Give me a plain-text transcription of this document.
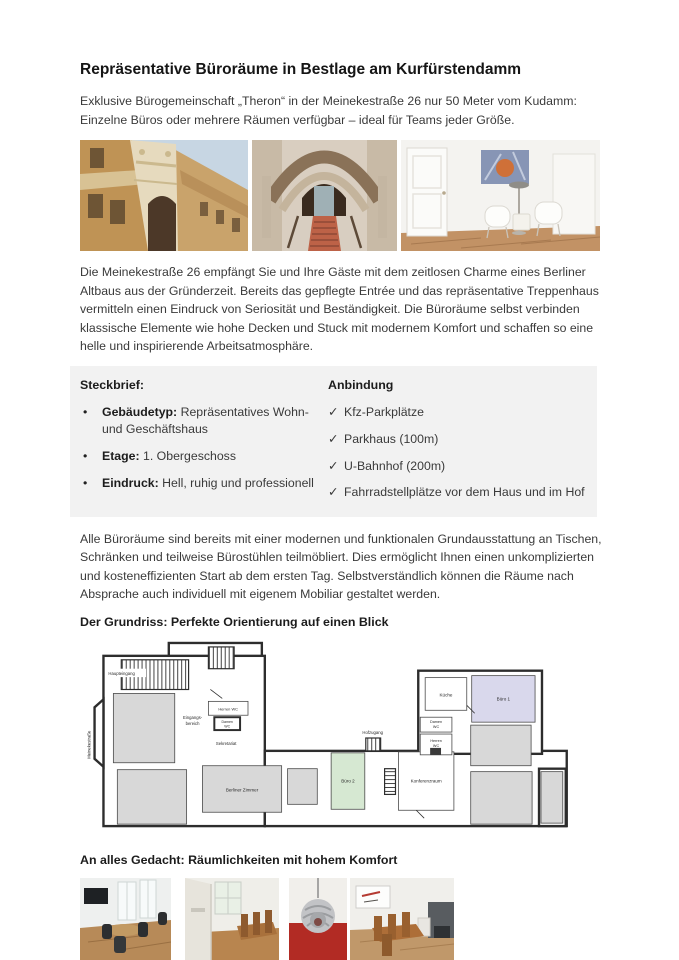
Repräsentative Büroräume in Bestlage am Kurfürstendamm

Exklusive Bürogemeinschaft „Theron“ in der Meinekestraße 26 nur 50 Meter vom Kudamm: Einzelne Büros oder mehrere Räumen verfügbar – ideal für Teams jeder Größe.

Die Meinekestraße 26 empfängt Sie und Ihre Gäste mit dem zeitlosen Charme eines Berliner Altbaus aus der Gründerzeit. Bereits das gepflegte Entrée und das repräsentative Treppenhaus vermitteln einen Eindruck von Seriosität und Beständigkeit. Die Büroräume selbst verbinden klassische Elemente wie hohe Decken und Stuck mit modernem Komfort und schaffen so eine helle und inspirierende Arbeitsatmosphäre.

Steckbrief:
•	Gebäudetyp: Repräsentatives Wohn- und Geschäftshaus
•	Etage: 1. Obergeschoss
•	Eindruck: Hell, ruhig und professionell
Anbindung
✓ Kfz-Parkplätze
✓ Parkhaus (100m)
✓ U-Bahnhof (200m)
✓ Fahrradstellplätze vor dem Haus und im Hof

Alle Büroräume sind bereits mit einer modernen und funktionalen Grundausstattung an Tischen, Schränken und teilweise Bürostühlen teilmöbliert. Dies ermöglicht Ihnen einen unkomplizierten und kosteneffizienten Start ab dem ersten Tag. Selbstverständlich können die Räume nach Absprache auch individuell mit eigenem Mobiliar gestaltet werden.

Der Grundriss: Perfekte Orientierung auf einen Blick
Haupteingang
Meinekestraße
Eingangs-
bereich
Herren WC
Damen
WC
Sekretariat
Berliner Zimmer
Büro 2
Hofzugang
Konferenzraum
Küche
Büro 1
Damen
WC
Herren
WC
An alles Gedacht: Räumlichkeiten mit hohem Komfort
